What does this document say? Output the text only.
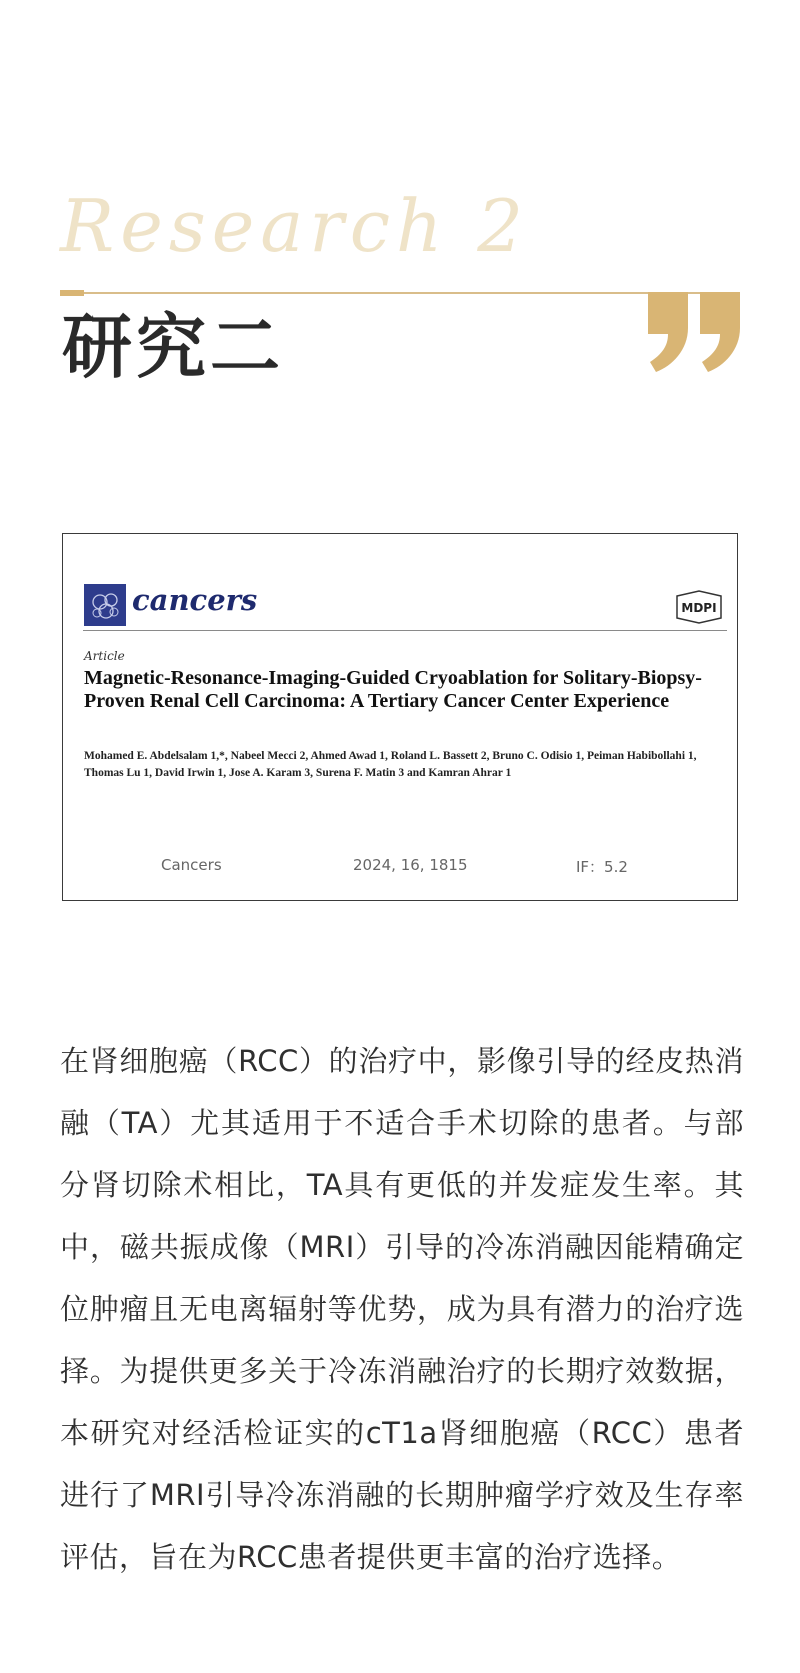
Research 2
研究二
cancers	MDPI
Article
Magnetic-Resonance-Imaging-Guided Cryoablation for Solitary-Biopsy-Proven Renal Cell Carcinoma: A Tertiary Cancer Center Experience
Mohamed E. Abdelsalam 1,*, Nabeel Mecci 2, Ahmed Awad 1, Roland L. Bassett 2, Bruno C. Odisio 1, Peiman Habibollahi 1, Thomas Lu 1, David Irwin 1, Jose A. Karam 3, Surena F. Matin 3 and Kamran Ahrar 1
Cancers	2024, 16, 1815	IF：5.2
在肾细胞癌（RCC）的治疗中，影像引导的经皮热消融（TA）尤其适用于不适合手术切除的患者。与部分肾切除术相比，TA具有更低的并发症发生率。其中，磁共振成像（MRI）引导的冷冻消融因能精确定位肿瘤且无电离辐射等优势，成为具有潜力的治疗选择。为提供更多关于冷冻消融治疗的长期疗效数据，本研究对经活检证实的cT1a肾细胞癌（RCC）患者进行了MRI引导冷冻消融的长期肿瘤学疗效及生存率评估，旨在为RCC患者提供更丰富的治疗选择。
